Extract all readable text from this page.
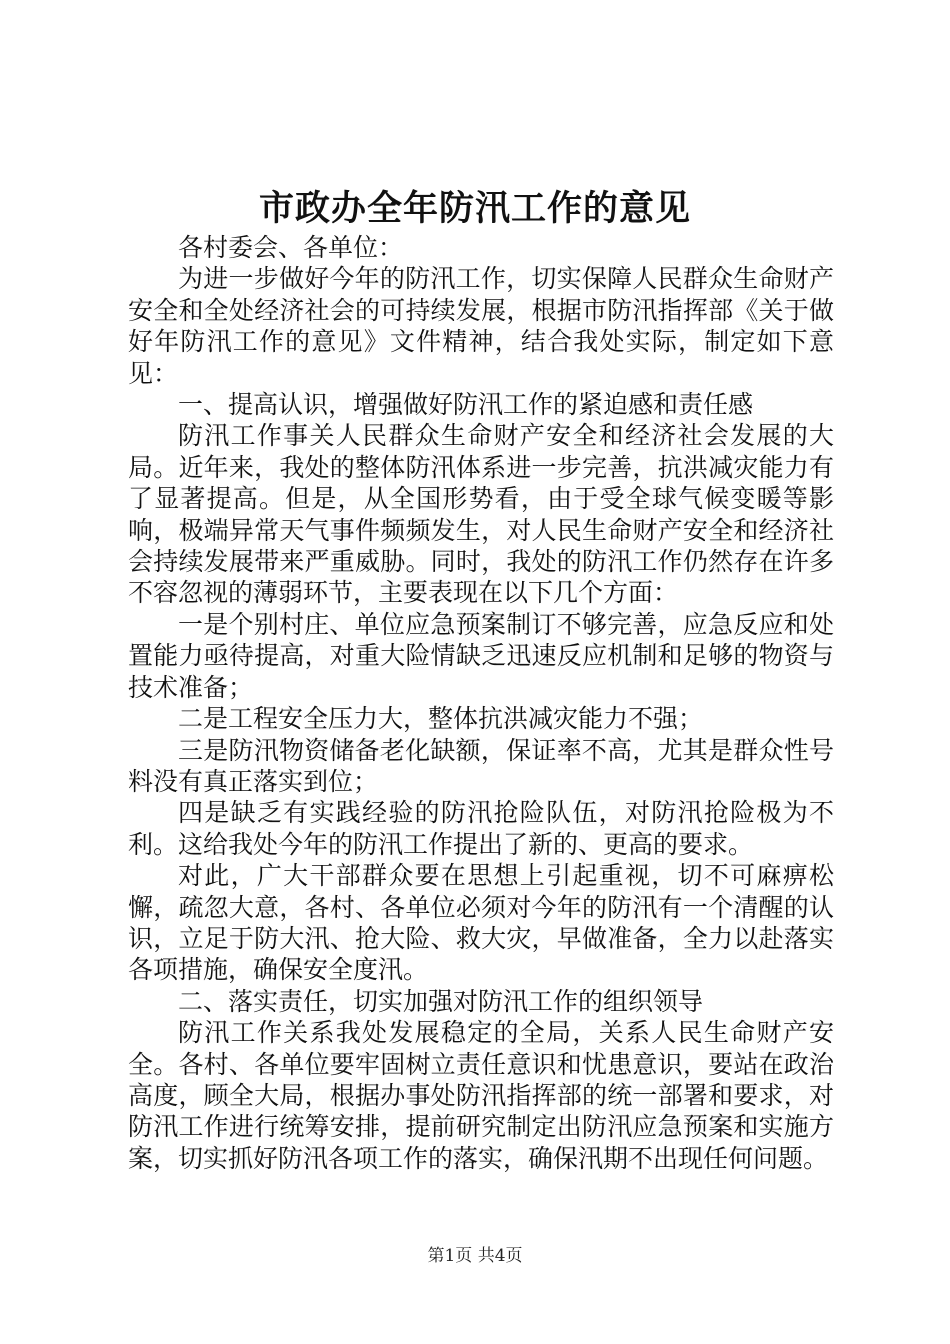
市政办全年防汛工作的意见

各村委会、各单位：

为进一步做好今年的防汛工作，切实保障人民群众生命财产安全和全处经济社会的可持续发展，根据市防汛指挥部《关于做好年防汛工作的意见》文件精神，结合我处实际，制定如下意见：

一、提高认识，增强做好防汛工作的紧迫感和责任感

防汛工作事关人民群众生命财产安全和经济社会发展的大局。近年来，我处的整体防汛体系进一步完善，抗洪减灾能力有了显著提高。但是，从全国形势看，由于受全球气候变暖等影响，极端异常天气事件频频发生，对人民生命财产安全和经济社会持续发展带来严重威胁。同时，我处的防汛工作仍然存在许多不容忽视的薄弱环节，主要表现在以下几个方面：

一是个别村庄、单位应急预案制订不够完善，应急反应和处置能力亟待提高，对重大险情缺乏迅速反应机制和足够的物资与技术准备；

二是工程安全压力大，整体抗洪减灾能力不强；

三是防汛物资储备老化缺额，保证率不高，尤其是群众性号料没有真正落实到位；

四是缺乏有实践经验的防汛抢险队伍，对防汛抢险极为不利。这给我处今年的防汛工作提出了新的、更高的要求。

对此，广大干部群众要在思想上引起重视，切不可麻痹松懈，疏忽大意，各村、各单位必须对今年的防汛有一个清醒的认识，立足于防大汛、抢大险、救大灾，早做准备，全力以赴落实各项措施，确保安全度汛。

二、落实责任，切实加强对防汛工作的组织领导

防汛工作关系我处发展稳定的全局，关系人民生命财产安全。各村、各单位要牢固树立责任意识和忧患意识，要站在政治高度，顾全大局，根据办事处防汛指挥部的统一部署和要求，对防汛工作进行统筹安排，提前研究制定出防汛应急预案和实施方案，切实抓好防汛各项工作的落实，确保汛期不出现任何问题。

第1页 共4页
